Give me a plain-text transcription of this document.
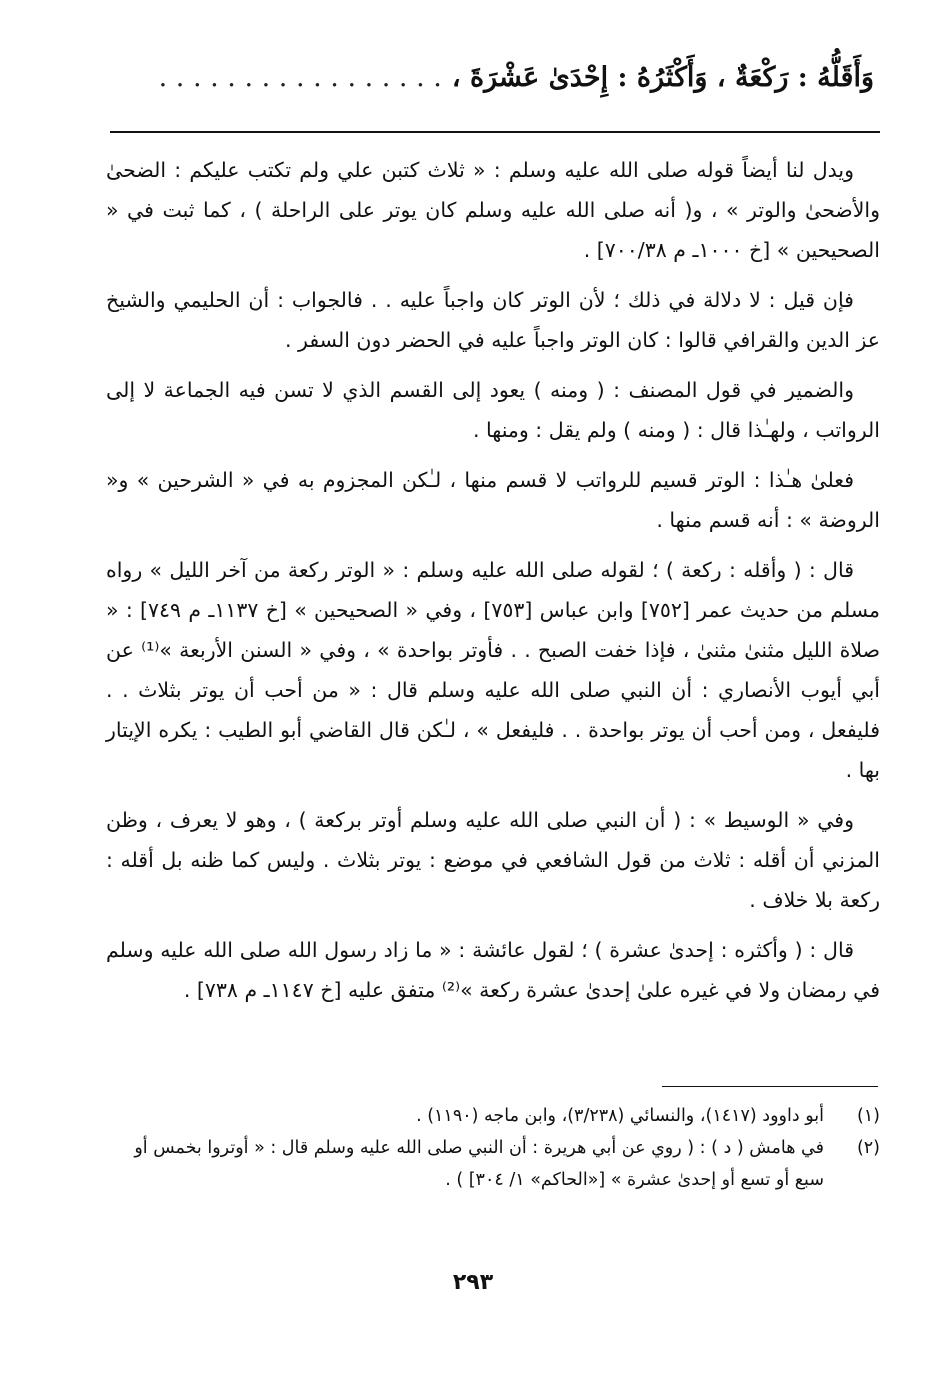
وَأَقَلُّهُ : رَكْعَةٌ ، وَأَكْثَرُهُ : إِحْدَىٰ عَشْرَةَ ،. . . . . . . . . . . . . . . . .

ويدل لنا أيضاً قوله صلى الله عليه وسلم : « ثلاث كتبن علي ولم تكتب عليكم : الضحىٰ والأضحىٰ والوتر » ، و( أنه صلى الله عليه وسلم كان يوتر على الراحلة ) ، كما ثبت في « الصحيحين » [خ ١٠٠٠ـ م ٧٠٠/٣٨] .

فإن قيل : لا دلالة في ذلك ؛ لأن الوتر كان واجباً عليه . . فالجواب : أن الحليمي والشيخ عز الدين والقرافي قالوا : كان الوتر واجباً عليه في الحضر دون السفر .

والضمير في قول المصنف : ( ومنه ) يعود إلى القسم الذي لا تسن فيه الجماعة لا إلى الرواتب ، ولهـٰذا قال : ( ومنه ) ولم يقل : ومنها .

فعلىٰ هـٰذا : الوتر قسيم للرواتب لا قسم منها ، لـٰكن المجزوم به في « الشرحين » و« الروضة » : أنه قسم منها .

قال : ( وأقله : ركعة ) ؛ لقوله صلى الله عليه وسلم : « الوتر ركعة من آخر الليل » رواه مسلم من حديث عمر [٧٥٢] وابن عباس [٧٥٣] ، وفي « الصحيحين » [خ ١١٣٧ـ م ٧٤٩] : « صلاة الليل مثنىٰ مثنىٰ ، فإذا خفت الصبح . . فأوتر بواحدة » ، وفي « السنن الأربعة »⁽¹⁾ عن أبي أيوب الأنصاري : أن النبي صلى الله عليه وسلم قال : « من أحب أن يوتر بثلاث . . فليفعل ، ومن أحب أن يوتر بواحدة . . فليفعل » ، لـٰكن قال القاضي أبو الطيب : يكره الإيتار بها .

وفي « الوسيط » : ( أن النبي صلى الله عليه وسلم أوتر بركعة ) ، وهو لا يعرف ، وظن المزني أن أقله : ثلاث من قول الشافعي في موضع : يوتر بثلاث . وليس كما ظنه بل أقله : ركعة بلا خلاف .

قال : ( وأكثره : إحدىٰ عشرة ) ؛ لقول عائشة : « ما زاد رسول الله صلى الله عليه وسلم في رمضان ولا في غيره علىٰ إحدىٰ عشرة ركعة »⁽²⁾ متفق عليه [خ ١١٤٧ـ م ٧٣٨] .

(١)
أبو داوود (١٤١٧)، والنسائي (٣/٢٣٨)، وابن ماجه (١١٩٠) .
(٢)
في هامش ( د ) : ( روي عن أبي هريرة : أن النبي صلى الله عليه وسلم قال : « أوتروا بخمس أو سبع أو تسع أو إحدىٰ عشرة » [«الحاكم» ١/ ٣٠٤] ) .
٢٩٣
